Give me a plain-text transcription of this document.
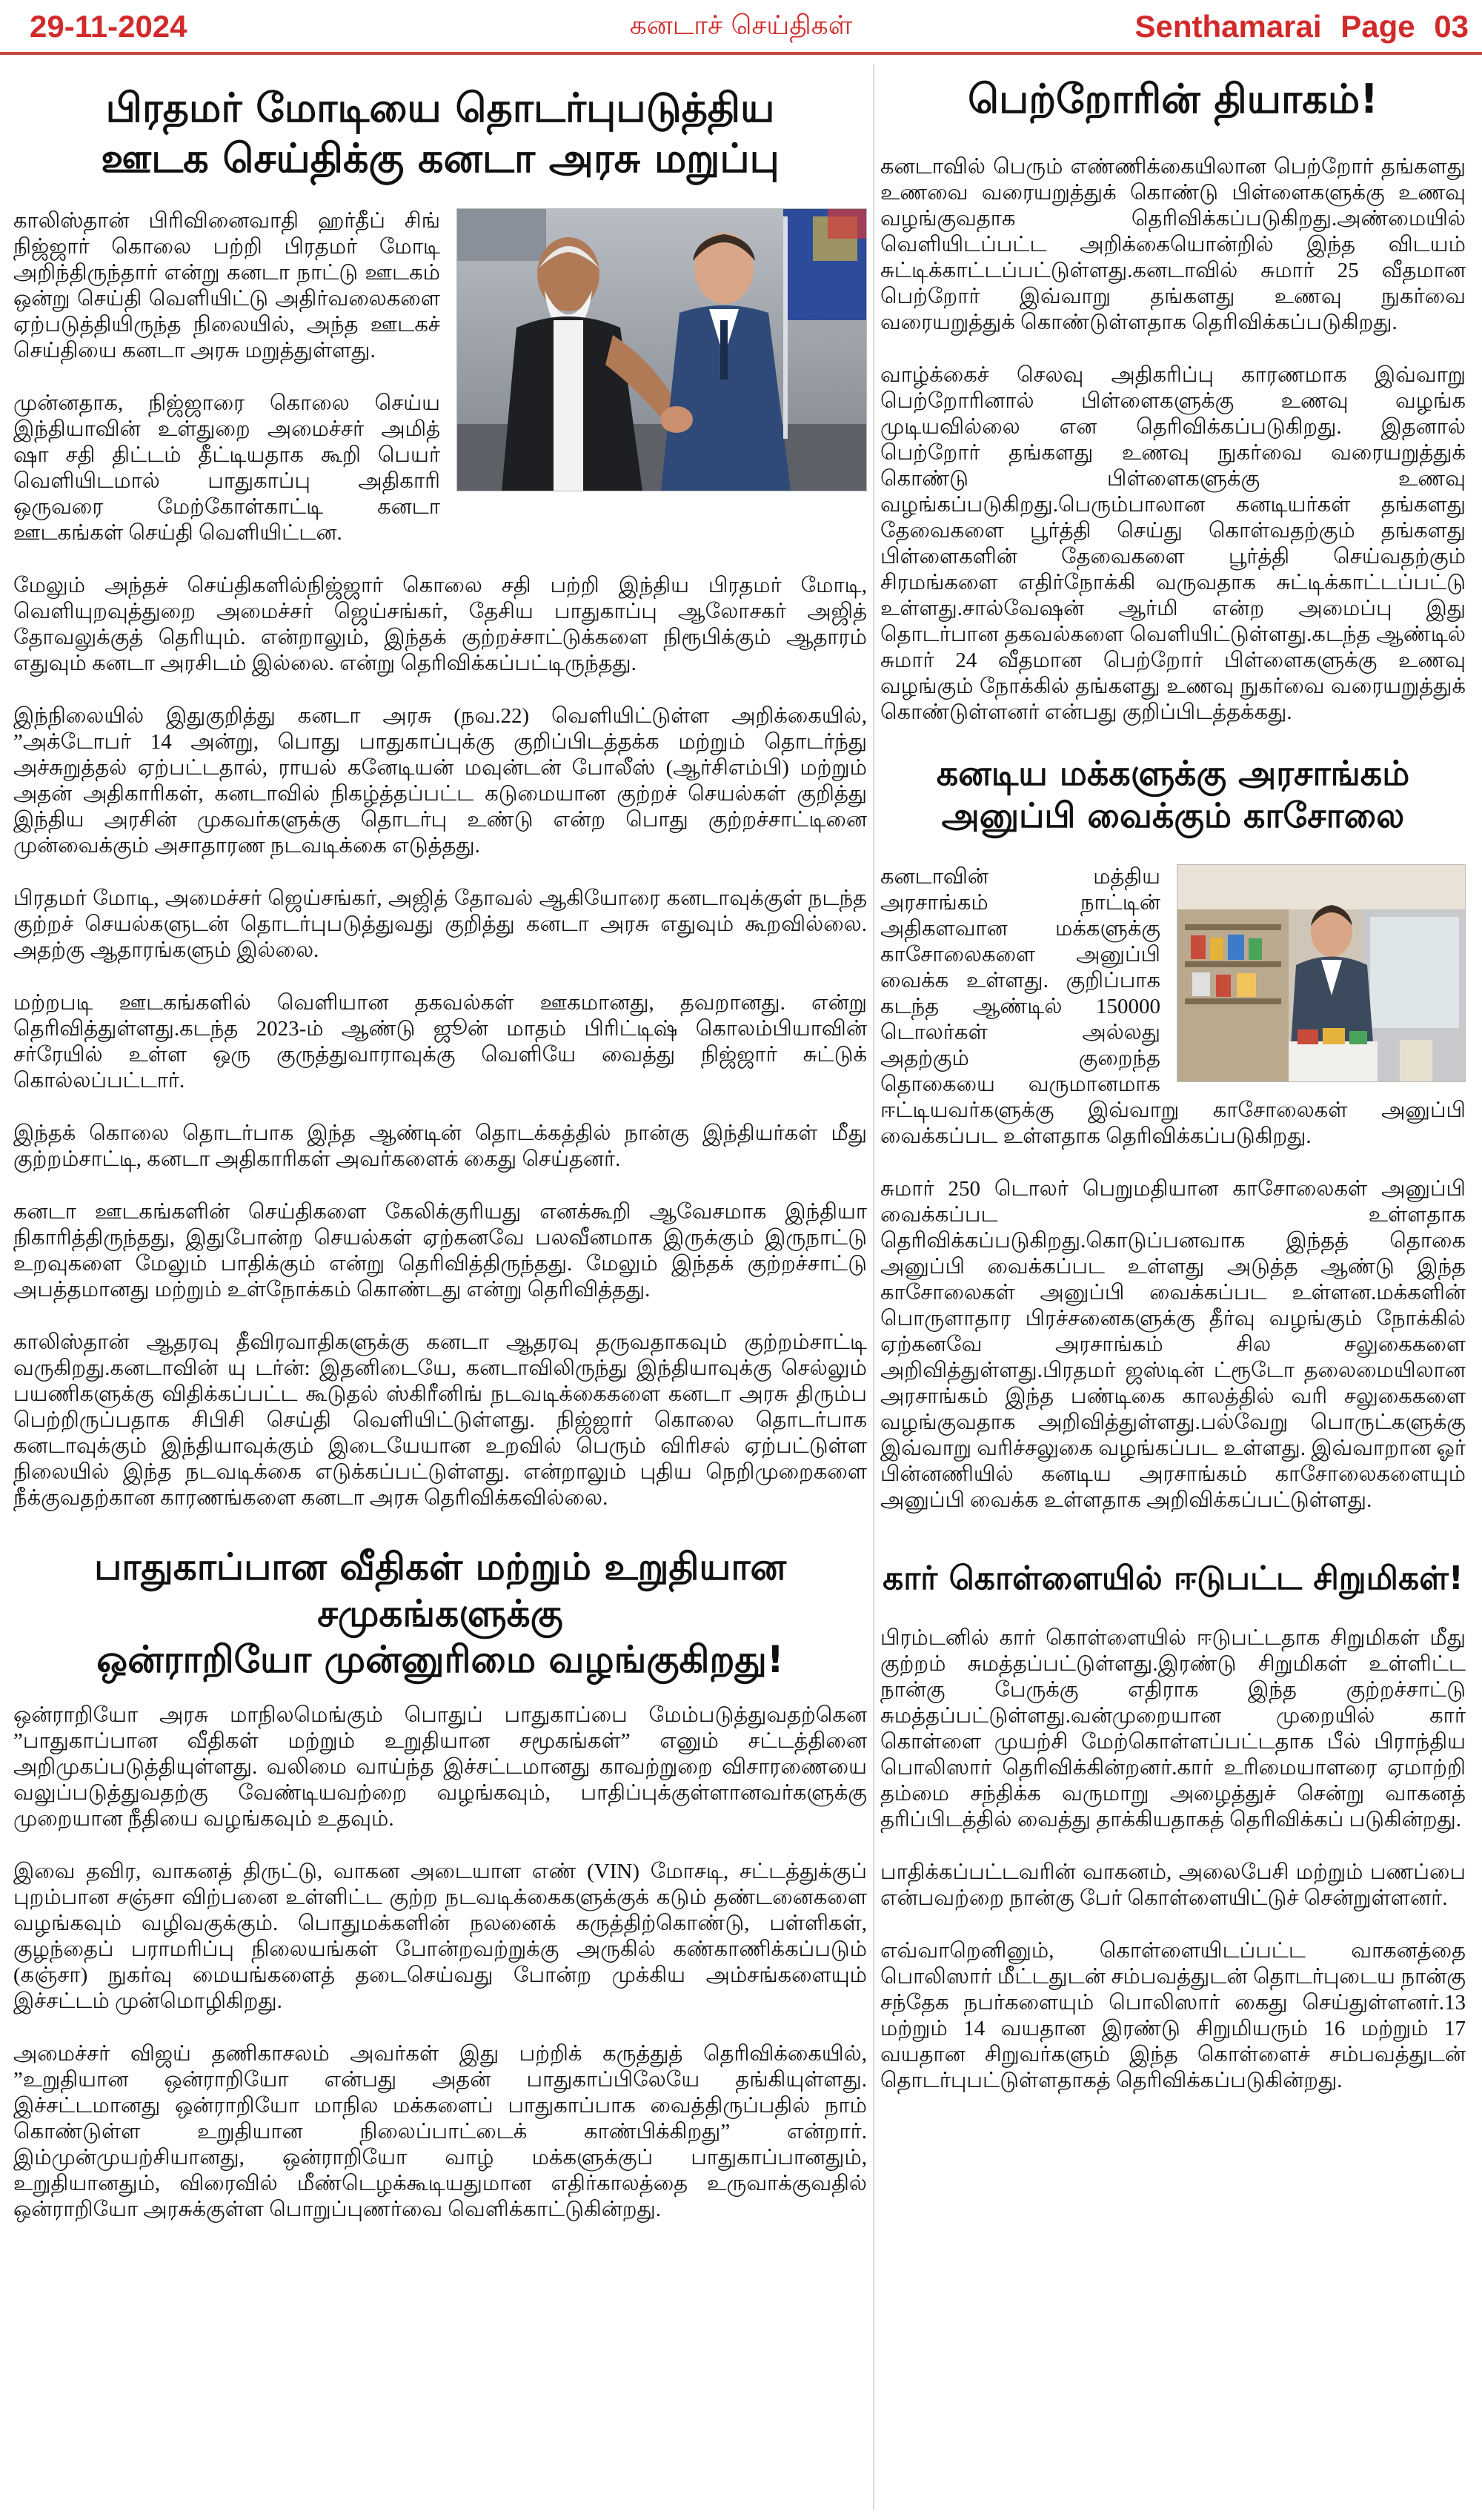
29-11-2024	கனடாச் செய்திகள்	Senthamarai Page 03
பிரதமர் மோடியை தொடர்புபடுத்திய
ஊடக செய்திக்கு கனடா அரசு மறுப்பு

காலிஸ்தான் பிரிவினைவாதி ஹர்தீப் சிங் நிஜ்ஜார் கொலை பற்றி பிரதமர் மோடி அறிந்திருந்தார் என்று கனடா நாட்டு ஊடகம் ஒன்று செய்தி வெளியிட்டு அதிர்வலைகளை ஏற்படுத்தியிருந்த நிலையில், அந்த ஊடகச் செய்தியை கனடா அரசு மறுத்துள்ளது.

முன்னதாக, நிஜ்ஜாரை கொலை செய்ய இந்தியாவின் உள்துறை அமைச்சர் அமித் ஷா சதி திட்டம் தீட்டியதாக கூறி பெயர் வெளியிடமால் பாதுகாப்பு அதிகாரி ஒருவரை மேற்கோள்காட்டி கனடா ஊடகங்கள் செய்தி வெளியிட்டன.

மேலும் அந்தச் செய்திகளில்நிஜ்ஜார் கொலை சதி பற்றி இந்திய பிரதமர் மோடி, வெளியுறவுத்துறை அமைச்சர் ஜெய்சங்கர், தேசிய பாதுகாப்பு ஆலோசகர் அஜித் தோவலுக்குத் தெரியும். என்றாலும், இந்தக் குற்றச்சாட்டுக்களை நிரூபிக்கும் ஆதாரம் எதுவும் கனடா அரசிடம் இல்லை. என்று தெரிவிக்கப்பட்டிருந்தது.

இந்நிலையில் இதுகுறித்து கனடா அரசு (நவ.22) வெளியிட்டுள்ள அறிக்கையில், ”அக்டோபர் 14 அன்று, பொது பாதுகாப்புக்கு குறிப்பிடத்தக்க மற்றும் தொடர்ந்து அச்சுறுத்தல் ஏற்பட்டதால், ராயல் கனேடியன் மவுன்டன் போலீஸ் (ஆர்சிஎம்பி) மற்றும் அதன் அதிகாரிகள், கனடாவில் நிகழ்த்தப்பட்ட கடுமையான குற்றச் செயல்கள் குறித்து இந்திய அரசின் முகவர்களுக்கு தொடர்பு உண்டு என்ற பொது குற்றச்சாட்டினை முன்வைக்கும் அசாதாரண நடவடிக்கை எடுத்தது.

பிரதமர் மோடி, அமைச்சர் ஜெய்சங்கர், அஜித் தோவல் ஆகியோரை கனடாவுக்குள் நடந்த குற்றச் செயல்களுடன் தொடர்புபடுத்துவது குறித்து கனடா அரசு எதுவும் கூறவில்லை. அதற்கு ஆதாரங்களும் இல்லை.

மற்றபடி ஊடகங்களில் வெளியான தகவல்கள் ஊகமானது, தவறானது. என்று தெரிவித்துள்ளது.கடந்த 2023-ம் ஆண்டு ஜூன் மாதம் பிரிட்டிஷ் கொலம்பியாவின் சர்ரேயில் உள்ள ஒரு குருத்துவாராவுக்கு வெளியே வைத்து நிஜ்ஜார் சுட்டுக் கொல்லப்பட்டார்.

இந்தக் கொலை தொடர்பாக இந்த ஆண்டின் தொடக்கத்தில் நான்கு இந்தியர்கள் மீது குற்றம்சாட்டி, கனடா அதிகாரிகள் அவர்களைக் கைது செய்தனர்.

கனடா ஊடகங்களின் செய்திகளை கேலிக்குரியது எனக்கூறி ஆவேசமாக இந்தியா நிகாரித்திருந்தது, இதுபோன்ற செயல்கள் ஏற்கனவே பலவீனமாக இருக்கும் இருநாட்டு உறவுகளை மேலும் பாதிக்கும் என்று தெரிவித்திருந்தது. மேலும் இந்தக் குற்றச்சாட்டு அபத்தமானது மற்றும் உள்நோக்கம் கொண்டது என்று தெரிவித்தது.

காலிஸ்தான் ஆதரவு தீவிரவாதிகளுக்கு கனடா ஆதரவு தருவதாகவும் குற்றம்சாட்டி வருகிறது.கனடாவின் யு டர்ன்: இதனிடையே, கனடாவிலிருந்து இந்தியாவுக்கு செல்லும் பயணிகளுக்கு விதிக்கப்பட்ட கூடுதல் ஸ்கிரீனிங் நடவடிக்கைகளை கனடா அரசு திரும்ப பெற்றிருப்பதாக சிபிசி செய்தி வெளியிட்டுள்ளது. நிஜ்ஜார் கொலை தொடர்பாக கனடாவுக்கும் இந்தியாவுக்கும் இடையேயான உறவில் பெரும் விரிசல் ஏற்பட்டுள்ள நிலையில் இந்த நடவடிக்கை எடுக்கப்பட்டுள்ளது. என்றாலும் புதிய நெறிமுறைகளை நீக்குவதற்கான காரணங்களை கனடா அரசு தெரிவிக்கவில்லை.

பாதுகாப்பான வீதிகள் மற்றும் உறுதியான சமுகங்களுக்கு
ஒன்ராறியோ முன்னுரிமை வழங்குகிறது!

ஒன்ராறியோ அரசு மாநிலமெங்கும் பொதுப் பாதுகாப்பை மேம்படுத்துவதற்கென ”பாதுகாப்பான வீதிகள் மற்றும் உறுதியான சமூகங்கள்” எனும் சட்டத்தினை அறிமுகப்படுத்தியுள்ளது. வலிமை வாய்ந்த இச்சட்டமானது காவற்றுறை விசாரணையை வலுப்படுத்துவதற்கு வேண்டியவற்றை வழங்கவும், பாதிப்புக்குள்ளானவர்களுக்கு முறையான நீதியை வழங்கவும் உதவும்.

இவை தவிர, வாகனத் திருட்டு, வாகன அடையாள எண் (VIN) மோசடி, சட்டத்துக்குப் புறம்பான சஞ்சா விற்பனை உள்ளிட்ட குற்ற நடவடிக்கைகளுக்குக் கடும் தண்டனைகளை வழங்கவும் வழிவகுக்கும். பொதுமக்களின் நலனைக் கருத்திற்கொண்டு, பள்ளிகள், குழந்தைப் பராமரிப்பு நிலையங்கள் போன்றவற்றுக்கு அருகில் கண்காணிக்கப்படும் (கஞ்சா) நுகர்வு மையங்களைத் தடைசெய்வது போன்ற முக்கிய அம்சங்களையும் இச்சட்டம் முன்மொழிகிறது.

அமைச்சர் விஜய் தணிகாசலம் அவர்கள் இது பற்றிக் கருத்துத் தெரிவிக்கையில், ”உறுதியான ஒன்ராறியோ என்பது அதன் பாதுகாப்பிலேயே தங்கியுள்ளது. இச்சட்டமானது ஒன்ராறியோ மாநில மக்களைப் பாதுகாப்பாக வைத்திருப்பதில் நாம் கொண்டுள்ள உறுதியான நிலைப்பாட்டைக் காண்பிக்கிறது” என்றார். இம்முன்முயற்சியானது, ஒன்ராறியோ வாழ் மக்களுக்குப் பாதுகாப்பானதும், உறுதியானதும், விரைவில் மீண்டெழக்கூடியதுமான எதிர்காலத்தை உருவாக்குவதில் ஒன்ராறியோ அரசுக்குள்ள பொறுப்புணர்வை வெளிக்காட்டுகின்றது.

பெற்றோரின் தியாகம்!

கனடாவில் பெரும் எண்ணிக்கையிலான பெற்றோர் தங்களது உணவை வரையறுத்துக் கொண்டு பிள்ளைகளுக்கு உணவு வழங்குவதாக தெரிவிக்கப்படுகிறது.அண்மையில் வெளியிடப்பட்ட அறிக்கையொன்றில் இந்த விடயம் சுட்டிக்காட்டப்பட்டுள்ளது.கனடாவில் சுமார் 25 வீதமான பெற்றோர் இவ்வாறு தங்களது உணவு நுகர்வை வரையறுத்துக் கொண்டுள்ளதாக தெரிவிக்கப்படுகிறது.

வாழ்க்கைச் செலவு அதிகரிப்பு காரணமாக இவ்வாறு பெற்றோரினால் பிள்ளைகளுக்கு உணவு வழங்க முடியவில்லை என தெரிவிக்கப்படுகிறது. இதனால் பெற்றோர் தங்களது உணவு நுகர்வை வரையறுத்துக் கொண்டு பிள்ளைகளுக்கு உணவு வழங்கப்படுகிறது.பெரும்பாலான கனடியர்கள் தங்களது தேவைகளை பூர்த்தி செய்து கொள்வதற்கும் தங்களது பிள்ளைகளின் தேவைகளை பூர்த்தி செய்வதற்கும் சிரமங்களை எதிர்நோக்கி வருவதாக சுட்டிக்காட்டப்பட்டு உள்ளது.சால்வேஷன் ஆர்மி என்ற அமைப்பு இது தொடர்பான தகவல்களை வெளியிட்டுள்ளது.கடந்த ஆண்டில் சுமார் 24 வீதமான பெற்றோர் பிள்ளைகளுக்கு உணவு வழங்கும் நோக்கில் தங்களது உணவு நுகர்வை வரையறுத்துக் கொண்டுள்ளனர் என்பது குறிப்பிடத்தக்கது.

கனடிய மக்களுக்கு அரசாங்கம்
அனுப்பி வைக்கும் காசோலை

கனடாவின் மத்திய அரசாங்கம் நாட்டின் அதிகளவான மக்களுக்கு காசோலைகளை அனுப்பி வைக்க உள்ளது. குறிப்பாக கடந்த ஆண்டில் 150000 டொலர்கள் அல்லது அதற்கும் குறைந்த தொகையை வருமானமாக ஈட்டியவர்களுக்கு இவ்வாறு காசோலைகள் அனுப்பி வைக்கப்பட உள்ளதாக தெரிவிக்கப்படுகிறது.

சுமார் 250 டொலர் பெறுமதியான காசோலைகள் அனுப்பி வைக்கப்பட உள்ளதாக தெரிவிக்கப்படுகிறது.கொடுப்பனவாக இந்தத் தொகை அனுப்பி வைக்கப்பட உள்ளது அடுத்த ஆண்டு இந்த காசோலைகள் அனுப்பி வைக்கப்பட உள்ளன.மக்களின் பொருளாதார பிரச்சனைகளுக்கு தீர்வு வழங்கும் நோக்கில் ஏற்கனவே அரசாங்கம் சில சலுகைகளை அறிவித்துள்ளது.பிரதமர் ஜஸ்டின் ட்ரூடோ தலைமையிலான அரசாங்கம் இந்த பண்டிகை காலத்தில் வரி சலுகைகளை வழங்குவதாக அறிவித்துள்ளது.பல்வேறு பொருட்களுக்கு இவ்வாறு வரிச்சலுகை வழங்கப்பட உள்ளது. இவ்வாறான ஓர் பின்னணியில் கனடிய அரசாங்கம் காசோலைகளையும் அனுப்பி வைக்க உள்ளதாக அறிவிக்கப்பட்டுள்ளது.

கார் கொள்ளையில் ஈடுபட்ட சிறுமிகள்!

பிரம்டனில் கார் கொள்ளையில் ஈடுபட்டதாக சிறுமிகள் மீது குற்றம் சுமத்தப்பட்டுள்ளது.இரண்டு சிறுமிகள் உள்ளிட்ட நான்கு பேருக்கு எதிராக இந்த குற்றச்சாட்டு சுமத்தப்பட்டுள்ளது.வன்முறையான முறையில் கார் கொள்ளை முயற்சி மேற்கொள்ளப்பட்டதாக பீல் பிராந்திய பொலிஸார் தெரிவிக்கின்றனர்.கார் உரிமையாளரை ஏமாற்றி தம்மை சந்திக்க வருமாறு அழைத்துச் சென்று வாகனத் தரிப்பிடத்தில் வைத்து தாக்கியதாகத் தெரிவிக்கப் படுகின்றது.

பாதிக்கப்பட்டவரின் வாகனம், அலைபேசி மற்றும் பணப்பை என்பவற்றை நான்கு பேர் கொள்ளையிட்டுச் சென்றுள்ளனர்.

எவ்வாறெனினும், கொள்ளையிடப்பட்ட வாகனத்தை பொலிஸார் மீட்டதுடன் சம்பவத்துடன் தொடர்புடைய நான்கு சந்தேக நபர்களையும் பொலிஸார் கைது செய்துள்ளனர்.13 மற்றும் 14 வயதான இரண்டு சிறுமியரும் 16 மற்றும் 17 வயதான சிறுவர்களும் இந்த கொள்ளைச் சம்பவத்துடன் தொடர்புபட்டுள்ளதாகத் தெரிவிக்கப்படுகின்றது.
